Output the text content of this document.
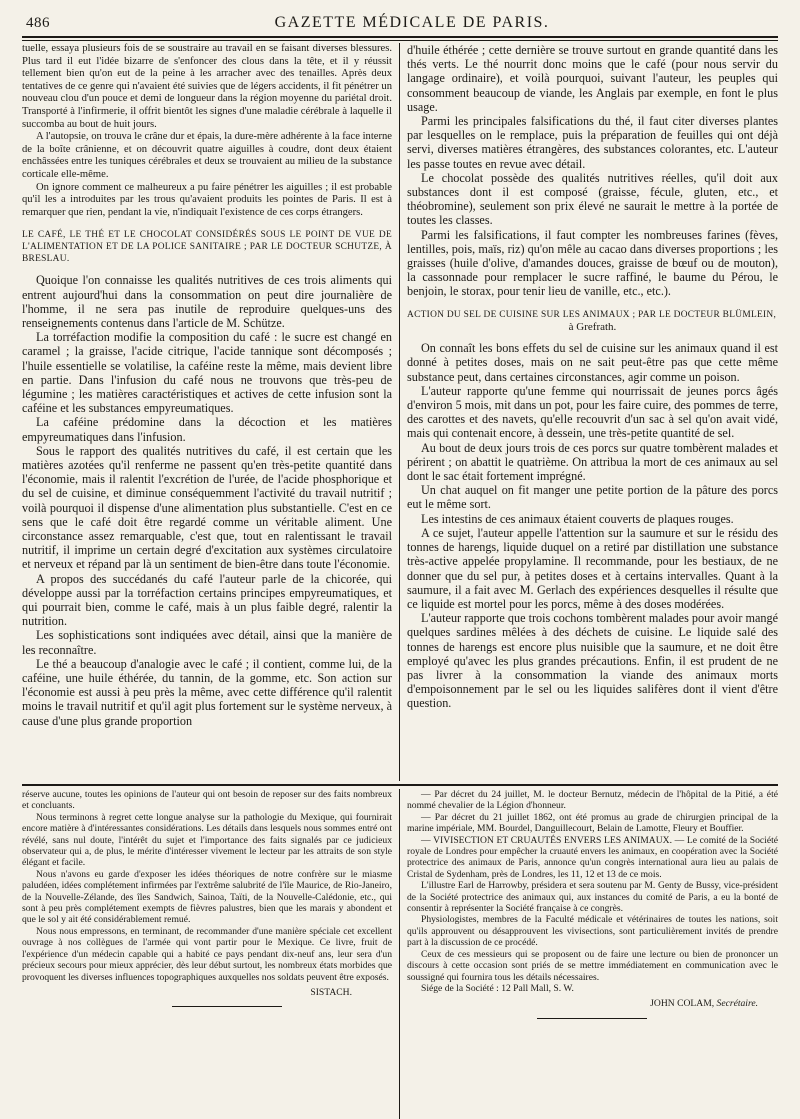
486	GAZETTE MÉDICALE DE PARIS.

tuelle, essaya plusieurs fois de se soustraire au travail en se faisant diverses blessures. Plus tard il eut l'idée bizarre de s'enfoncer des clous dans la tête, et il y réussit tellement bien qu'on eut de la peine à les arracher avec des tenailles. Après deux tentatives de ce genre qui n'avaient été suivies que de légers accidents, il fit pénétrer un nouveau clou d'un pouce et demi de longueur dans la région moyenne du pariétal droit. Transporté à l'infirmerie, il offrit bientôt les signes d'une maladie cérébrale à laquelle il succomba au bout de huit jours.

A l'autopsie, on trouva le crâne dur et épais, la dure-mère adhérente à la face interne de la boîte crânienne, et on découvrit quatre aiguilles à coudre, dont deux étaient enchâssées entre les tuniques cérébrales et deux se trouvaient au milieu de la substance corticale elle-même.

On ignore comment ce malheureux a pu faire pénétrer les aiguilles ; il est probable qu'il les a introduites par les trous qu'avaient produits les pointes de Paris. Il est à remarquer que rien, pendant la vie, n'indiquait l'existence de ces corps étrangers.

LE CAFÉ, LE THÉ ET LE CHOCOLAT CONSIDÉRÉS SOUS LE POINT DE VUE DE L'ALIMENTATION ET DE LA POLICE SANITAIRE ; PAR LE DOCTEUR SCHUTZE, À BRESLAU.

Quoique l'on connaisse les qualités nutritives de ces trois aliments qui entrent aujourd'hui dans la consommation on peut dire journalière de l'homme, il ne sera pas inutile de reproduire quelques-uns des renseignements contenus dans l'article de M. Schütze.

La torréfaction modifie la composition du café : le sucre est changé en caramel ; la graisse, l'acide citrique, l'acide tannique sont décomposés ; l'huile essentielle se volatilise, la caféine reste la même, mais devient libre en partie. Dans l'infusion du café nous ne trouvons que très-peu de légumine ; les matières caractéristiques et actives de cette infusion sont la caféine et les substances empyreumatiques.

La caféine prédomine dans la décoction et les matières empyreumatiques dans l'infusion.

Sous le rapport des qualités nutritives du café, il est certain que les matières azotées qu'il renferme ne passent qu'en très-petite quantité dans l'économie, mais il ralentit l'excrétion de l'urée, de l'acide phosphorique et du sel de cuisine, et diminue conséquemment l'activité du travail nutritif ; voilà pourquoi il dispense d'une alimentation plus substantielle. C'est en ce sens que le café doit être regardé comme un véritable aliment. Une circonstance assez remarquable, c'est que, tout en ralentissant le travail nutritif, il imprime un certain degré d'excitation aux systèmes circulatoire et nerveux et répand par là un sentiment de bien-être dans toute l'économie.

A propos des succédanés du café l'auteur parle de la chicorée, qui développe aussi par la torréfaction certains principes empyreumatiques, et qui pourrait bien, comme le café, mais à un plus faible degré, ralentir la nutrition.

Les sophistications sont indiquées avec détail, ainsi que la manière de les reconnaître.

Le thé a beaucoup d'analogie avec le café ; il contient, comme lui, de la caféine, une huile éthérée, du tannin, de la gomme, etc. Son action sur l'économie est aussi à peu près la même, avec cette différence qu'il ralentit moins le travail nutritif et qu'il agit plus fortement sur le système nerveux, à cause d'une plus grande proportion

d'huile éthérée ; cette dernière se trouve surtout en grande quantité dans les thés verts. Le thé nourrit donc moins que le café (pour nous servir du langage ordinaire), et voilà pourquoi, suivant l'auteur, les peuples qui consomment beaucoup de viande, les Anglais par exemple, en font le plus usage.

Parmi les principales falsifications du thé, il faut citer diverses plantes par lesquelles on le remplace, puis la préparation de feuilles qui ont déjà servi, diverses matières étrangères, des substances colorantes, etc. L'auteur les passe toutes en revue avec détail.

Le chocolat possède des qualités nutritives réelles, qu'il doit aux substances dont il est composé (graisse, fécule, gluten, etc., et théobromine), seulement son prix élevé ne saurait le mettre à la portée de toutes les classes.

Parmi les falsifications, il faut compter les nombreuses farines (fèves, lentilles, pois, maïs, riz) qu'on mêle au cacao dans diverses proportions ; les graisses (huile d'olive, d'amandes douces, graisse de bœuf ou de mouton), la cassonnade pour remplacer le sucre raffiné, le baume du Pérou, le benjoin, le storax, pour tenir lieu de vanille, etc., etc.).

ACTION DU SEL DE CUISINE SUR LES ANIMAUX ; PAR LE DOCTEUR BLÜMLEIN,

à Grefrath.

On connaît les bons effets du sel de cuisine sur les animaux quand il est donné à petites doses, mais on ne sait peut-être pas que cette même substance peut, dans certaines circonstances, agir comme un poison.

L'auteur rapporte qu'une femme qui nourrissait de jeunes porcs âgés d'environ 5 mois, mit dans un pot, pour les faire cuire, des pommes de terre, des carottes et des navets, qu'elle recouvrit d'un sac à sel qu'on avait vidé, mais qui contenait encore, à dessein, une très-petite quantité de sel.

Au bout de deux jours trois de ces porcs sur quatre tombèrent malades et périrent ; on abattit le quatrième. On attribua la mort de ces animaux au sel dont le sac était fortement imprégné.

Un chat auquel on fit manger une petite portion de la pâture des porcs eut le même sort.

Les intestins de ces animaux étaient couverts de plaques rouges.

A ce sujet, l'auteur appelle l'attention sur la saumure et sur le résidu des tonnes de harengs, liquide duquel on a retiré par distillation une substance très-active appelée propylamine. Il recommande, pour les bestiaux, de ne donner que du sel pur, à petites doses et à certains intervalles. Quant à la saumure, il a fait avec M. Gerlach des expériences desquelles il résulte que ce liquide est mortel pour les porcs, même à des doses modérées.

L'auteur rapporte que trois cochons tombèrent malades pour avoir mangé quelques sardines mêlées à des déchets de cuisine. Le liquide salé des tonnes de harengs est encore plus nuisible que la saumure, et ne doit être employé qu'avec les plus grandes précautions. Enfin, il est prudent de ne pas livrer à la consommation la viande des animaux morts d'empoisonnement par le sel ou les liquides salifères dont il vient d'être question.

réserve aucune, toutes les opinions de l'auteur qui ont besoin de reposer sur des faits nombreux et concluants.

Nous terminons à regret cette longue analyse sur la pathologie du Mexique, qui fournirait encore matière à d'intéressantes considérations. Les détails dans lesquels nous sommes entré ont révélé, sans nul doute, l'intérêt du sujet et l'importance des faits signalés par ce judicieux observateur qui a, de plus, le mérite d'intéresser vivement le lecteur par les attraits de son style élégant et facile.

Nous n'avons eu garde d'exposer les idées théoriques de notre confrère sur le miasme paludéen, idées complétement infirmées par l'extrême salubrité de l'île Maurice, de Rio-Janeiro, de la Nouvelle-Zélande, des îles Sandwich, Sainoa, Taïti, de la Nouvelle-Calédonie, etc., qui sont à peu près complétement exempts de fièvres palustres, bien que les marais y abondent et que le sol y ait été considérablement remué.

Nous nous empressons, en terminant, de recommander d'une manière spéciale cet excellent ouvrage à nos collègues de l'armée qui vont partir pour le Mexique. Ce livre, fruit de l'expérience d'un médecin capable qui a habité ce pays pendant dix-neuf ans, leur sera d'un précieux secours pour mieux apprécier, dès leur début surtout, les nombreux états morbides que provoquent les diverses influences topographiques auxquelles nos soldats peuvent être exposés.

SISTACH.

— Par décret du 24 juillet, M. le docteur Bernutz, médecin de l'hôpital de la Pitié, a été nommé chevalier de la Légion d'honneur.

— Par décret du 21 juillet 1862, ont été promus au grade de chirurgien principal de la marine impériale, MM. Bourdel, Danguillecourt, Belain de Lamotte, Fleury et Bouffier.

— VIVISECTION ET CRUAUTÉS ENVERS LES ANIMAUX. — Le comité de la Société royale de Londres pour empêcher la cruauté envers les animaux, en coopération avec la Société protectrice des animaux de Paris, annonce qu'un congrès international aura lieu au palais de Cristal de Sydenham, près de Londres, les 11, 12 et 13 de ce mois.

L'illustre Earl de Harrowby, présidera et sera soutenu par M. Genty de Bussy, vice-président de la Société protectrice des animaux qui, aux instances du comité de Paris, a eu la bonté de consentir à représenter la Société française à ce congrès.

Physiologistes, membres de la Faculté médicale et vétérinaires de toutes les nations, soit qu'ils approuvent ou désapprouvent les vivisections, sont particulièrement invités de prendre part à la discussion de ce procédé.

Ceux de ces messieurs qui se proposent ou de faire une lecture ou bien de prononcer un discours à cette occasion sont priés de se mettre immédiatement en communication avec le soussigné qui fournira tous les détails nécessaires.

Siége de la Société : 12 Pall Mall, S. W.

JOHN COLAM, Secrétaire.
